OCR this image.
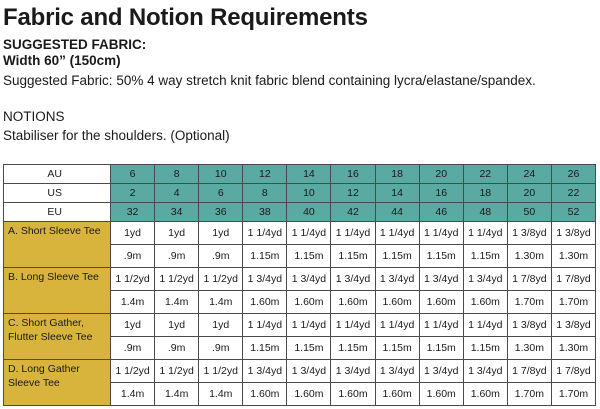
Fabric and Notion Requirements
SUGGESTED FABRIC:
Width 60” (150cm)
Suggested Fabric: 50% 4 way stretch knit fabric blend containing lycra/elastane/spandex.
NOTIONS
Stabiliser for the shoulders. (Optional)
AU	6	8	10	12	14	16	18	20	22	24	26
US	2	4	6	8	10	12	14	16	18	20	22
EU	32	34	36	38	40	42	44	46	48	50	52
A. Short Sleeve Tee	1yd	1yd	1yd	1 1/4yd	1 1/4yd	1 1/4yd	1 1/4yd	1 1/4yd	1 1/4yd	1 3/8yd	1 3/8yd
	.9m	.9m	.9m	1.15m	1.15m	1.15m	1.15m	1.15m	1.15m	1.30m	1.30m
B. Long Sleeve Tee	1 1/2yd	1 1/2yd	1 1/2yd	1 3/4yd	1 3/4yd	1 3/4yd	1 3/4yd	1 3/4yd	1 3/4yd	1 7/8yd	1 7/8yd
	1.4m	1.4m	1.4m	1.60m	1.60m	1.60m	1.60m	1.60m	1.60m	1.70m	1.70m
C. Short Gather, Flutter Sleeve Tee	1yd	1yd	1yd	1 1/4yd	1 1/4yd	1 1/4yd	1 1/4yd	1 1/4yd	1 1/4yd	1 3/8yd	1 3/8yd
	.9m	.9m	.9m	1.15m	1.15m	1.15m	1.15m	1.15m	1.15m	1.30m	1.30m
D. Long Gather Sleeve Tee	1 1/2yd	1 1/2yd	1 1/2yd	1 3/4yd	1 3/4yd	1 3/4yd	1 3/4yd	1 3/4yd	1 3/4yd	1 7/8yd	1 7/8yd
	1.4m	1.4m	1.4m	1.60m	1.60m	1.60m	1.60m	1.60m	1.60m	1.70m	1.70m
